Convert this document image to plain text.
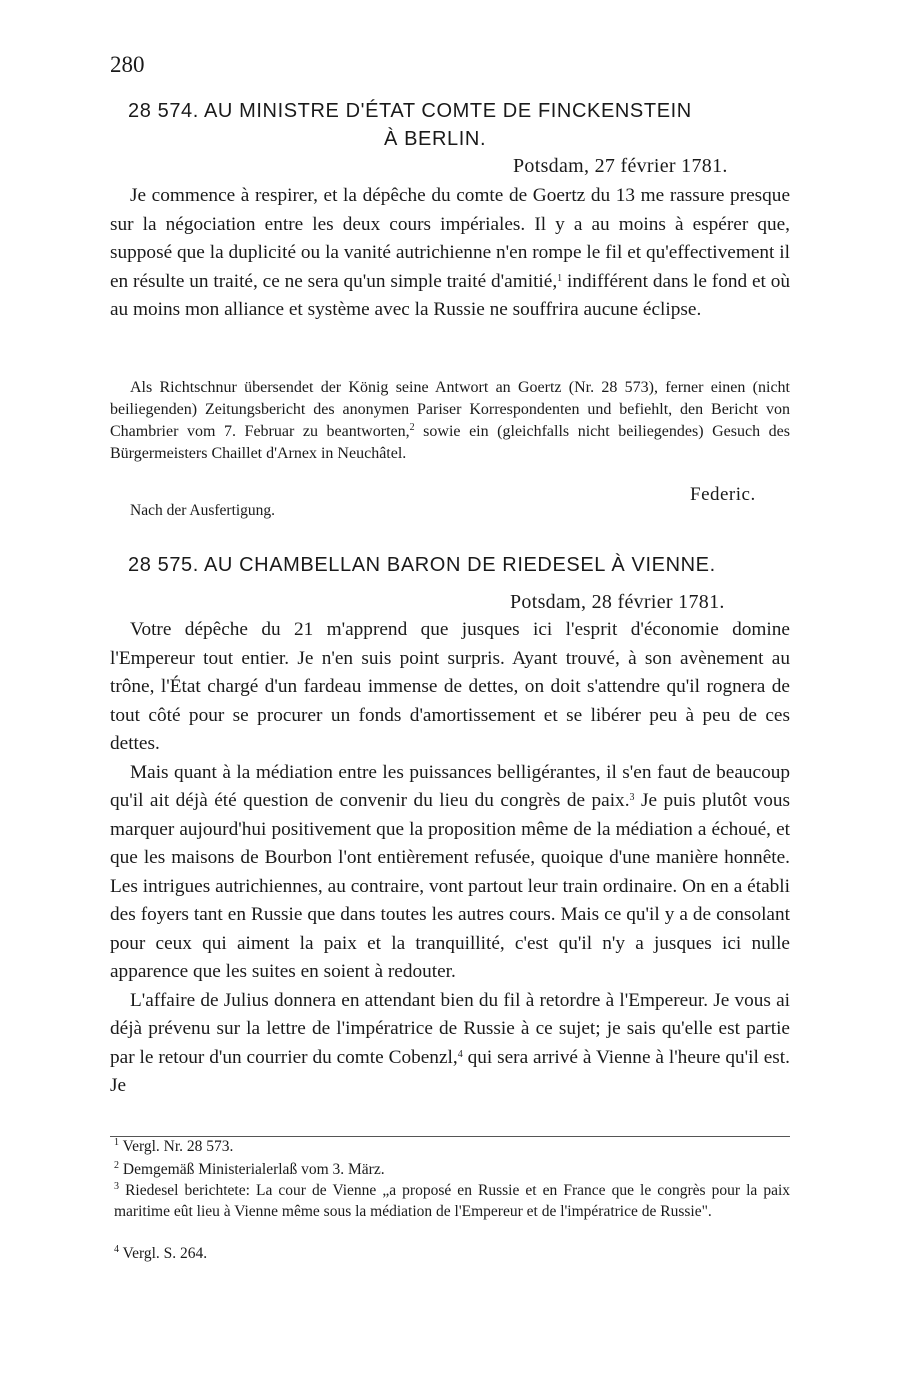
280
28 574. AU MINISTRE D'ÉTAT COMTE DE FINCKENSTEIN
À BERLIN.
Potsdam, 27 février 1781.
Je commence à respirer, et la dépêche du comte de Goertz du 13 me rassure presque sur la négociation entre les deux cours impériales. Il y a au moins à espérer que, supposé que la duplicité ou la vanité autrichienne n'en rompe le fil et qu'effectivement il en résulte un traité, ce ne sera qu'un simple traité d'amitié,$^1$ indifférent dans le fond et où au moins mon alliance et système avec la Russie ne souffrira aucune éclipse.
Als Richtschnur übersendet der König seine Antwort an Goertz (Nr. 28 573), ferner einen (nicht beiliegenden) Zeitungsbericht des anonymen Pariser Korrespondenten und befiehlt, den Bericht von Chambrier vom 7. Februar zu beantworten,$^2$ sowie ein (gleichfalls nicht beiliegendes) Gesuch des Bürgermeisters Chaillet d'Arnex in Neuchâtel.
Federic.
Nach der Ausfertigung.
28 575. AU CHAMBELLAN BARON DE RIEDESEL À VIENNE.
Potsdam, 28 février 1781.
Votre dépêche du 21 m'apprend que jusques ici l'esprit d'économie domine l'Empereur tout entier. Je n'en suis point surpris. Ayant trouvé, à son avènement au trône, l'État chargé d'un fardeau immense de dettes, on doit s'attendre qu'il rognera de tout côté pour se procurer un fonds d'amortissement et se libérer peu à peu de ces dettes.
Mais quant à la médiation entre les puissances belligérantes, il s'en faut de beaucoup qu'il ait déjà été question de convenir du lieu du congrès de paix.$^3$ Je puis plutôt vous marquer aujourd'hui positivement que la proposition même de la médiation a échoué, et que les maisons de Bourbon l'ont entièrement refusée, quoique d'une manière honnête. Les intrigues autrichiennes, au contraire, vont partout leur train ordinaire. On en a établi des foyers tant en Russie que dans toutes les autres cours. Mais ce qu'il y a de consolant pour ceux qui aiment la paix et la tranquillité, c'est qu'il n'y a jusques ici nulle apparence que les suites en soient à redouter.
L'affaire de Julius donnera en attendant bien du fil à retordre à l'Empereur. Je vous ai déjà prévenu sur la lettre de l'impératrice de Russie à ce sujet; je sais qu'elle est partie par le retour d'un courrier du comte Cobenzl,$^4$ qui sera arrivé à Vienne à l'heure qu'il est. Je
$^1$ Vergl. Nr. 28 573.
$^2$ Demgemäß Ministerialerlaß vom 3. März.
$^3$ Riedesel berichtete: La cour de Vienne „a proposé en Russie et en France que le congrès pour la paix maritime eût lieu à Vienne même sous la médiation de l'Empereur et de l'impératrice de Russie".
$^4$ Vergl. S. 264.
